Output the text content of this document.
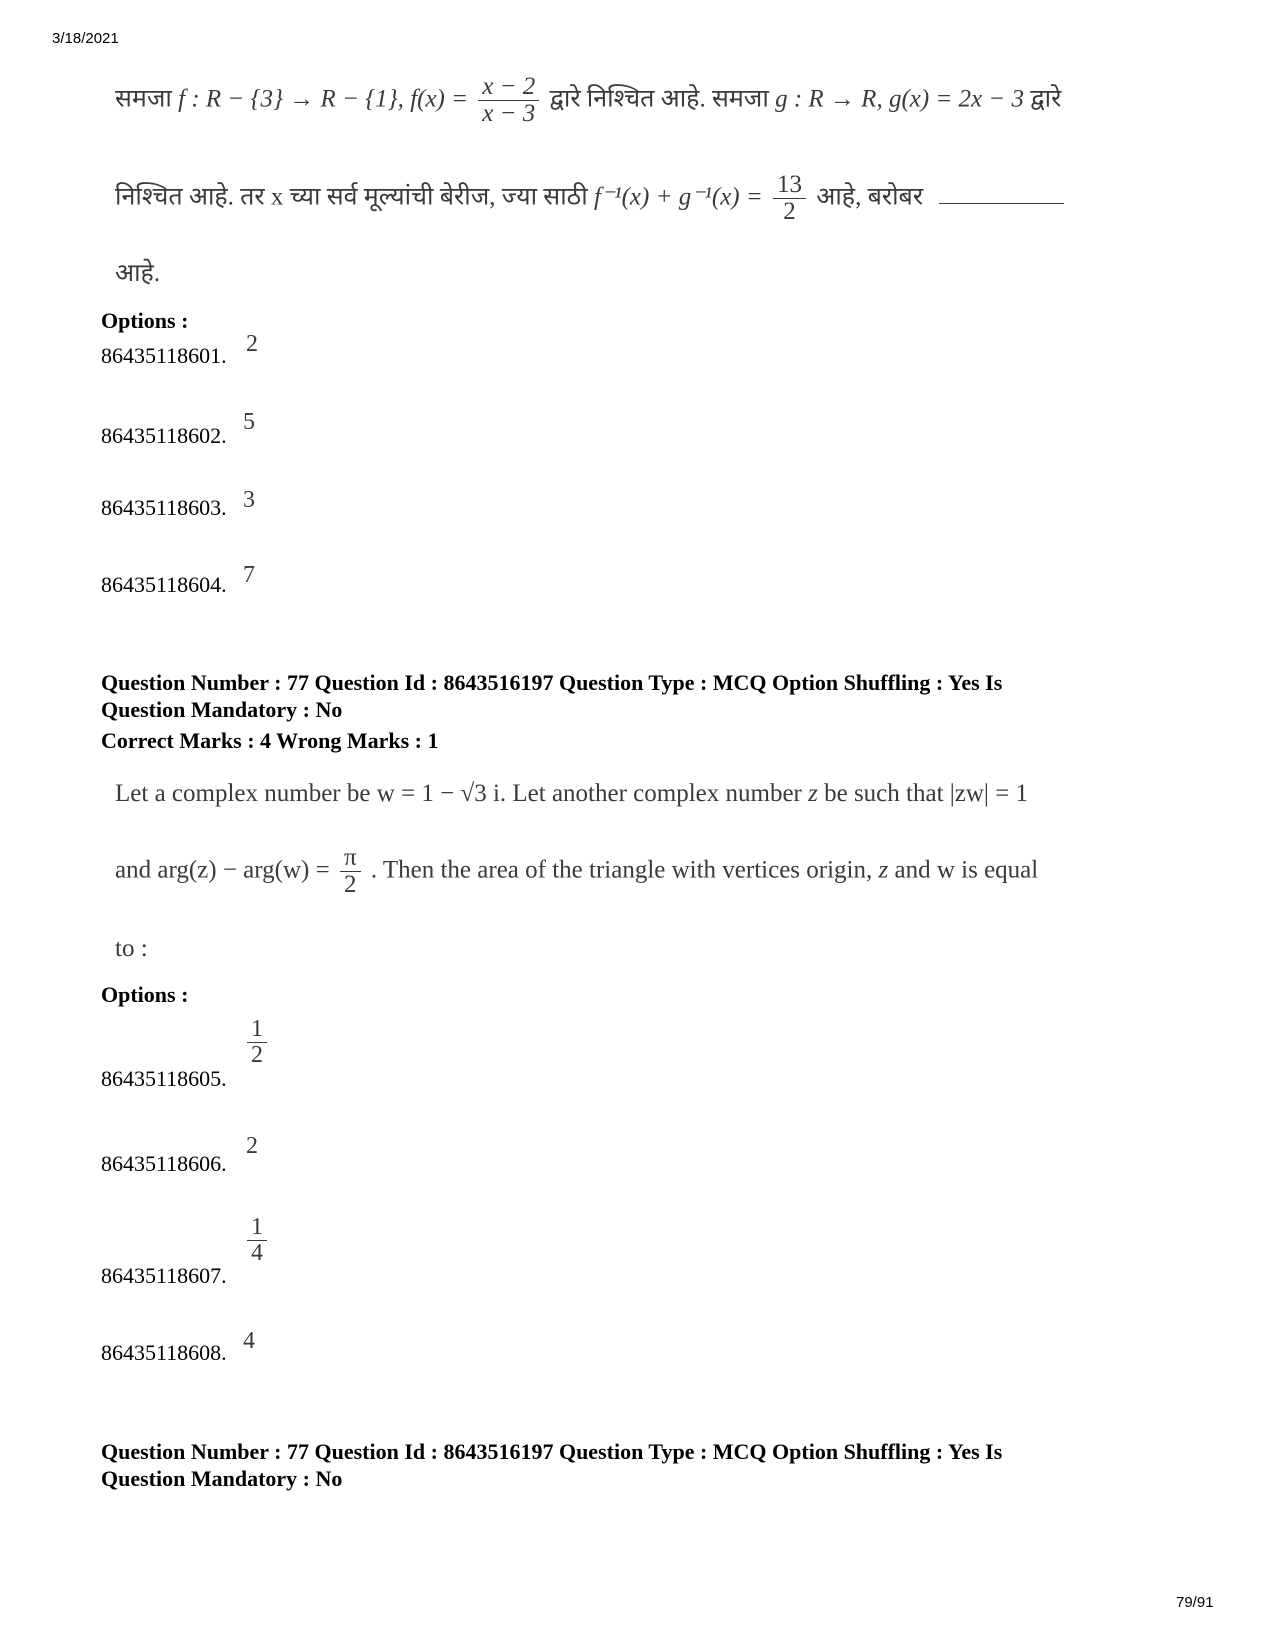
3/18/2021
समजा f : R − {3} → R − {1}, $f(x) = \frac{x - 2}{x - 3}$ द्वारे निश्चित आहे. समजा g : R → R, g(x) = 2x − 3 द्वारे
निश्चित आहे. तर x च्या सर्व मूल्यांची बेरीज, ज्या साठी $f^{-1}(x) + g^{-1}(x) = \frac{13}{2}$ आहे, बरोबर
आहे.
Options :
86435118601. 2
86435118602.
5
86435118603. 3
86435118604. 7
Question Number : 77 Question Id : 8643516197 Question Type : MCQ Option Shuffling : Yes Is
Question Mandatory : No
Correct Marks : 4 Wrong Marks : 1
Let a complex number be w = 1 − √3 i. Let another complex number z be such that |zw| = 1
and $arg(z) - arg(w) = \frac{\pi}{2}$ . Then the area of the triangle with vertices origin, z and w is equal
to :
Options :
86435118605.
$\frac{1}{2}$
86435118606.
2
86435118607.
$\frac{1}{4}$
86435118608. 4
Question Number : 77 Question Id : 8643516197 Question Type : MCQ Option Shuffling : Yes Is
Question Mandatory : No
79/91
